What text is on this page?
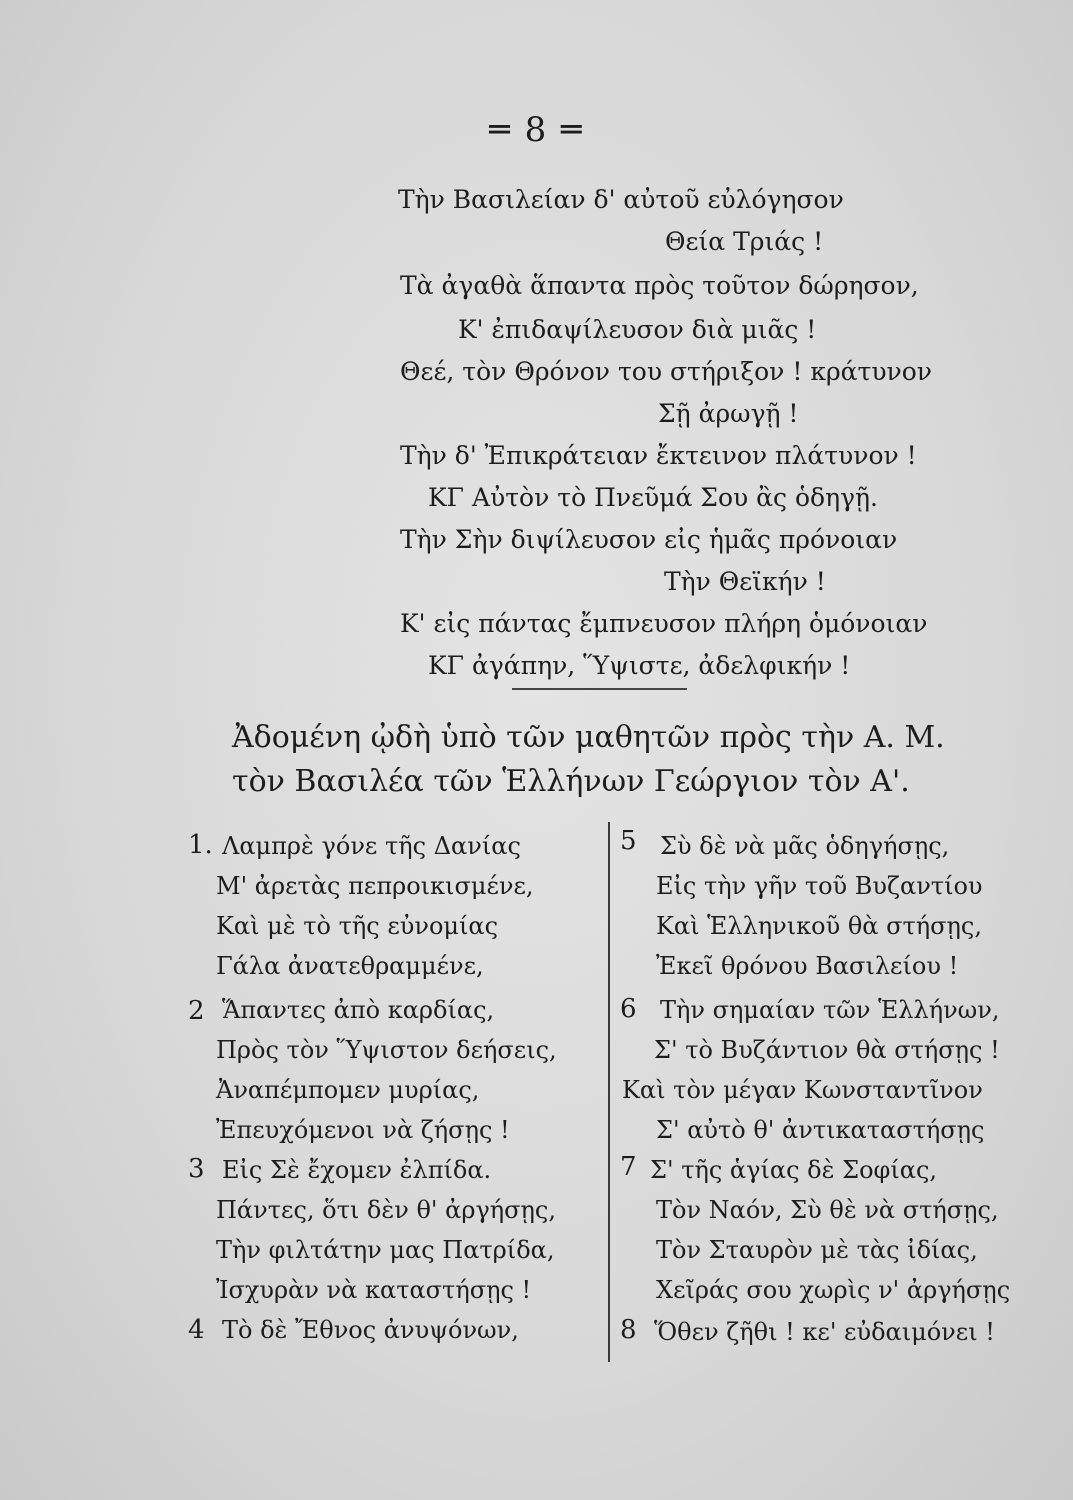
═ 8 ═
Τὴν Βασιλείαν δ' αὐτοῦ εὐλόγησον
Θεία Τριάς !
Τὰ ἀγαθὰ ἅπαντα πρὸς τοῦτον δώρησον,
Κ' ἐπιδαψίλευσον διὰ μιᾶς !
Θεέ, τὸν Θρόνον του στήριξον ! κράτυνον
Σῇ ἀρωγῇ !
Τὴν δ' Ἐπικράτειαν ἔκτεινον πλάτυνον !
ΚΓ Αὐτὸν τὸ Πνεῦμά Σου ἂς ὁδηγῇ.
Τὴν Σὴν διψίλευσον εἰς ἡμᾶς πρόνοιαν
Τὴν Θεϊκήν !
Κ' εἰς πάντας ἔμπνευσον πλήρη ὁμόνοιαν
ΚΓ ἀγάπην, Ὕψιστε, ἀδελφικήν !
Ἀδομένη ᾠδὴ ὑπὸ τῶν μαθητῶν πρὸς τὴν Α. Μ.
τὸν Βασιλέα τῶν Ἑλλήνων Γεώργιον τὸν Α'.
1.
2
3
4
Λαμπρὲ γόνε τῆς Δανίας
Μ' ἀρετὰς πεπροικισμένε,
Καὶ μὲ τὸ τῆς εὐνομίας
Γάλα ἀνατεθραμμένε,
Ἅπαντες ἀπὸ καρδίας,
Πρὸς τὸν Ὕψιστον δεήσεις,
Ἀναπέμπομεν μυρίας,
Ἐπευχόμενοι νὰ ζήσῃς !
Εἰς Σὲ ἔχομεν ἐλπίδα.
Πάντες, ὅτι δὲν θ' ἀργήσῃς,
Τὴν φιλτάτην μας Πατρίδα,
Ἰσχυρὰν νὰ καταστήσῃς !
Τὸ δὲ Ἔθνος ἀνυψόνων,
5
6
7
8
Σὺ δὲ νὰ μᾶς ὁδηγήσῃς,
Εἰς τὴν γῆν τοῦ Βυζαντίου
Καὶ Ἑλληνικοῦ θὰ στήσῃς,
Ἐκεῖ θρόνου Βασιλείου !
Τὴν σημαίαν τῶν Ἑλλήνων,
Σ' τὸ Βυζάντιον θὰ στήσῃς !
Καὶ τὸν μέγαν Κωνσταντῖνον
Σ' αὐτὸ θ' ἀντικαταστήσῃς
Σ' τῆς ἁγίας δὲ Σοφίας,
Τὸν Ναόν, Σὺ θὲ νὰ στήσῃς,
Τὸν Σταυρὸν μὲ τὰς ἰδίας,
Χεῖράς σου χωρὶς ν' ἀργήσῃς
Ὅθεν ζῆθι ! κε' εὐδαιμόνει !
